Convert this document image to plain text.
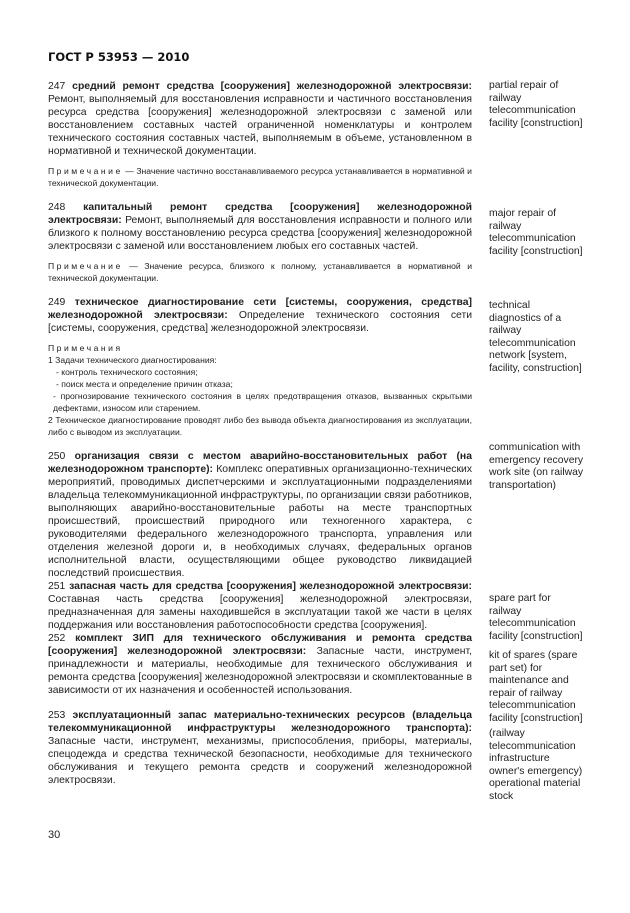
ГОСТ Р 53953 — 2010
247 средний ремонт средства [сооружения] железнодорожной электросвязи: Ремонт, выполняемый для восстановления исправности и частичного восстановления ресурса средства [сооружения] железнодорожной электросвязи с заменой или восстановлением составных частей ограниченной номенклатуры и контролем технического состояния составных частей, выполняемым в объеме, установленном в нормативной и технической документации.

Примечание — Значение частично восстанавливаемого ресурса устанавливается в нормативной и технической документации.

248 капитальный ремонт средства [сооружения] железнодорожной электросвязи: Ремонт, выполняемый для восстановления исправности и полного или близкого к полному восстановлению ресурса средства [сооружения] железнодорожной электросвязи с заменой или восстановлением любых его составных частей.

Примечание — Значение ресурса, близкого к полному, устанавливается в нормативной и технической документации.

249 техническое диагностирование сети [системы, сооружения, средства] железнодорожной электросвязи: Определение технического состояния сети [системы, сооружения, средства] железнодорожной электросвязи.

Примечания

1 Задачи технического диагностирования:

- контроль технического состояния;

- поиск места и определение причин отказа;

- прогнозирование технического состояния в целях предотвращения отказов, вызванных скрытыми дефектами, износом или старением.

2 Техническое диагностирование проводят либо без вывода объекта диагностирования из эксплуатации, либо с выводом из эксплуатации.

250 организация связи с местом аварийно-восстановительных работ (на железнодорожном транспорте): Комплекс оперативных организационно-технических мероприятий, проводимых диспетчерскими и эксплуатационными подразделениями владельца телекоммуникационной инфраструктуры, по организации связи работников, выполняющих аварийно-восстановительные работы на месте транспортных происшествий, происшествий природного или техногенного характера, с руководителями федерального железнодорожного транспорта, управления или отделения железной дороги и, в необходимых случаях, федеральных органов исполнительной власти, осуществляющими общее руководство ликвидацией последствий происшествия.
251 запасная часть для средства [сооружения] железнодорожной электросвязи: Составная часть средства [сооружения] железнодорожной электросвязи, предназначенная для замены находившейся в эксплуатации такой же части в целях поддержания или восстановления работоспособности средства [сооружения].
252 комплект ЗИП для технического обслуживания и ремонта средства [сооружения] железнодорожной электросвязи: Запасные части, инструмент, принадлежности и материалы, необходимые для технического обслуживания и ремонта средства [сооружения] железнодорожной электросвязи и скомплектованные в зависимости от их назначения и особенностей использования.
253 эксплуатационный запас материально-технических ресурсов (владельца телекоммуникационной инфраструктуры железнодорожного транспорта): Запасные части, инструмент, механизмы, приспособления, приборы, материалы, спецодежда и средства технической безопасности, необходимые для технического обслуживания и текущего ремонта средств и сооружений железнодорожной электросвязи.
partial repair of railway telecommunication facility [construction]
major repair of railway telecommunication facility [construction]
technical diagnostics of a railway telecommunication network [system, facility, construction]
communication with emergency recovery work site (on railway transportation)
spare part for railway telecommunication facility [construction]
kit of spares (spare part set) for maintenance and repair of railway telecommunication facility [construction]
(railway telecommunication infrastructure owner's emergency) operational material stock
30
